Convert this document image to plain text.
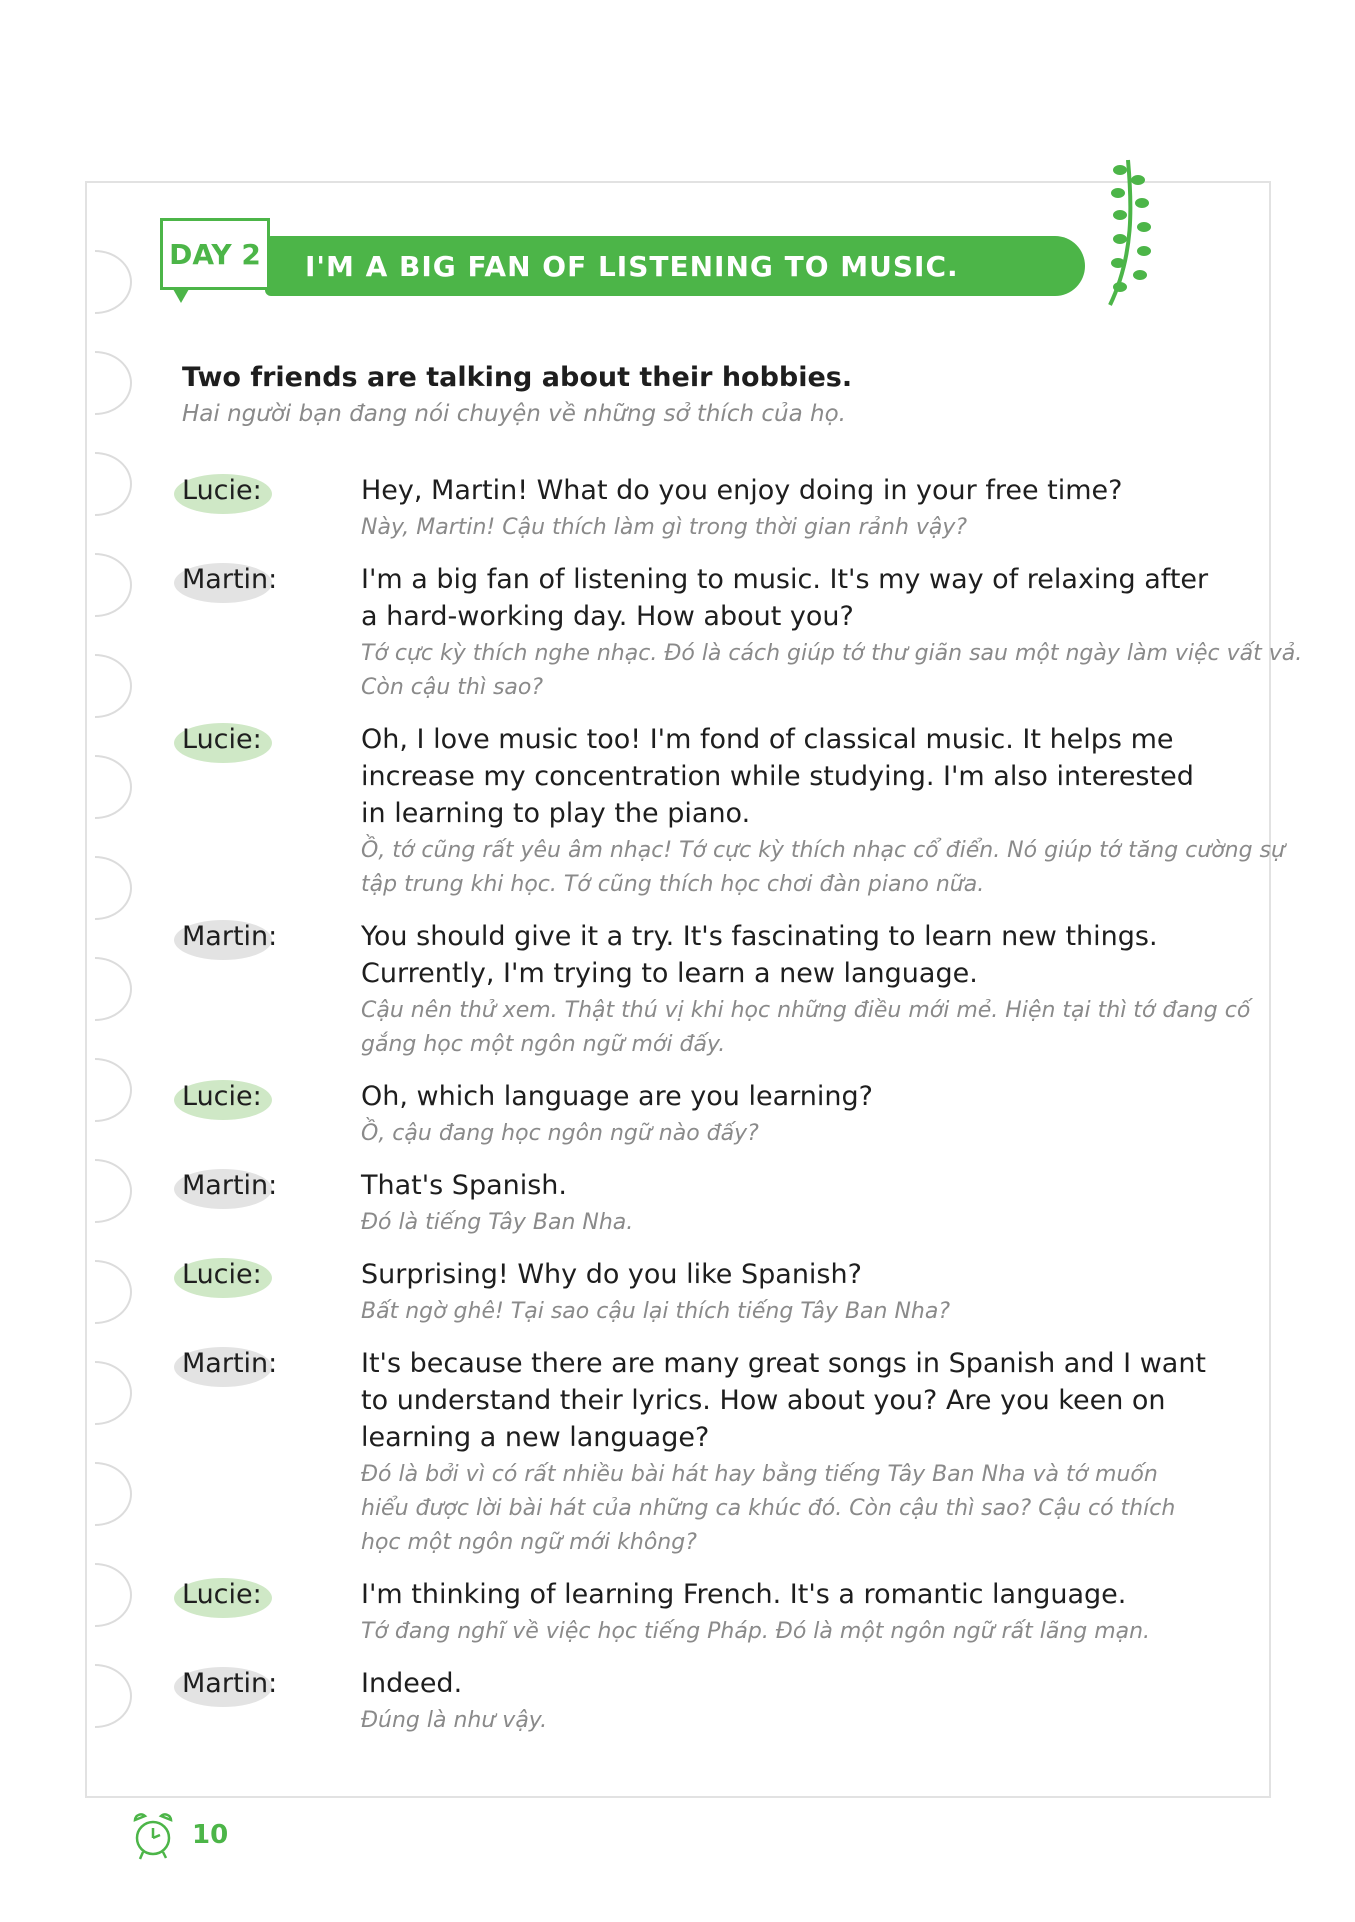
DAY 2 I'M A BIG FAN OF LISTENING TO MUSIC.
Two friends are talking about their hobbies.
Hai người bạn đang nói chuyện về những sở thích của họ.
Lucie:	Hey, Martin! What do you enjoy doing in your free time?
Này, Martin! Cậu thích làm gì trong thời gian rảnh vậy?
Martin:	I'm a big fan of listening to music. It's my way of relaxing after
a hard-working day. How about you?
Tớ cực kỳ thích nghe nhạc. Đó là cách giúp tớ thư giãn sau một ngày làm việc vất vả.
Còn cậu thì sao?
Lucie:	Oh, I love music too! I'm fond of classical music. It helps me
increase my concentration while studying. I'm also interested
in learning to play the piano.
Ồ, tớ cũng rất yêu âm nhạc! Tớ cực kỳ thích nhạc cổ điển. Nó giúp tớ tăng cường sự
tập trung khi học. Tớ cũng thích học chơi đàn piano nữa.
Martin:	You should give it a try. It's fascinating to learn new things.
Currently, I'm trying to learn a new language.
Cậu nên thử xem. Thật thú vị khi học những điều mới mẻ. Hiện tại thì tớ đang cố
gắng học một ngôn ngữ mới đấy.
Lucie:	Oh, which language are you learning?
Ồ, cậu đang học ngôn ngữ nào đấy?
Martin:	That's Spanish.
Đó là tiếng Tây Ban Nha.
Lucie:	Surprising! Why do you like Spanish?
Bất ngờ ghê! Tại sao cậu lại thích tiếng Tây Ban Nha?
Martin:	It's because there are many great songs in Spanish and I want
to understand their lyrics. How about you? Are you keen on
learning a new language?
Đó là bởi vì có rất nhiều bài hát hay bằng tiếng Tây Ban Nha và tớ muốn
hiểu được lời bài hát của những ca khúc đó. Còn cậu thì sao? Cậu có thích
học một ngôn ngữ mới không?
Lucie:	I'm thinking of learning French. It's a romantic language.
Tớ đang nghĩ về việc học tiếng Pháp. Đó là một ngôn ngữ rất lãng mạn.
Martin:	Indeed.
Đúng là như vậy.
10
